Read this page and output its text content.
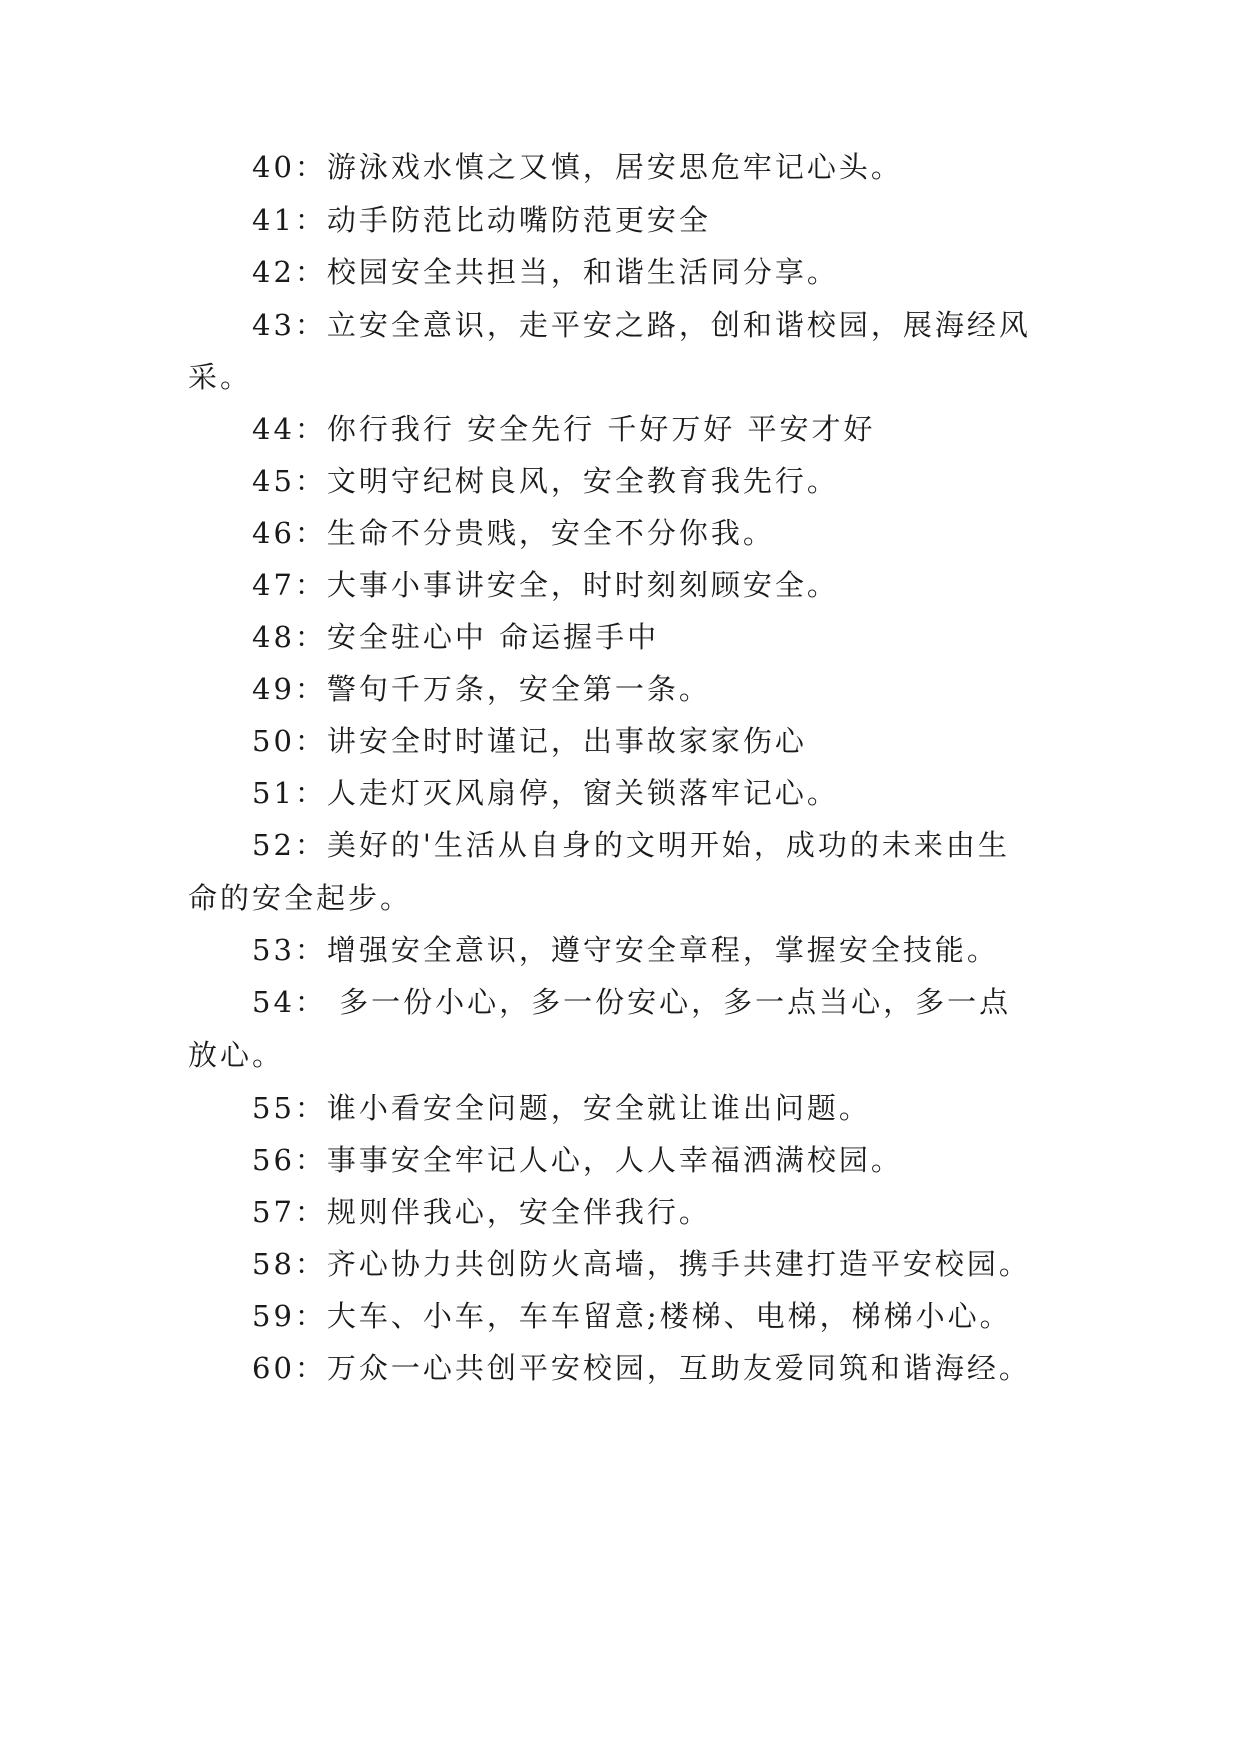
40：游泳戏水慎之又慎，居安思危牢记心头。
41：动手防范比动嘴防范更安全
42：校园安全共担当，和谐生活同分享。
43：立安全意识，走平安之路，创和谐校园，展海经风
采。
44：你行我行 安全先行 千好万好 平安才好
45：文明守纪树良风，安全教育我先行。
46：生命不分贵贱，安全不分你我。
47：大事小事讲安全，时时刻刻顾安全。
48：安全驻心中 命运握手中
49：警句千万条，安全第一条。
50：讲安全时时谨记，出事故家家伤心
51：人走灯灭风扇停，窗关锁落牢记心。
52：美好的'生活从自身的文明开始，成功的未来由生
命的安全起步。
53：增强安全意识，遵守安全章程，掌握安全技能。
54： 多一份小心，多一份安心，多一点当心，多一点
放心。
55：谁小看安全问题，安全就让谁出问题。
56：事事安全牢记人心，人人幸福洒满校园。
57：规则伴我心，安全伴我行。
58：齐心协力共创防火高墙，携手共建打造平安校园。
59：大车、小车，车车留意;楼梯、电梯，梯梯小心。
60：万众一心共创平安校园，互助友爱同筑和谐海经。
